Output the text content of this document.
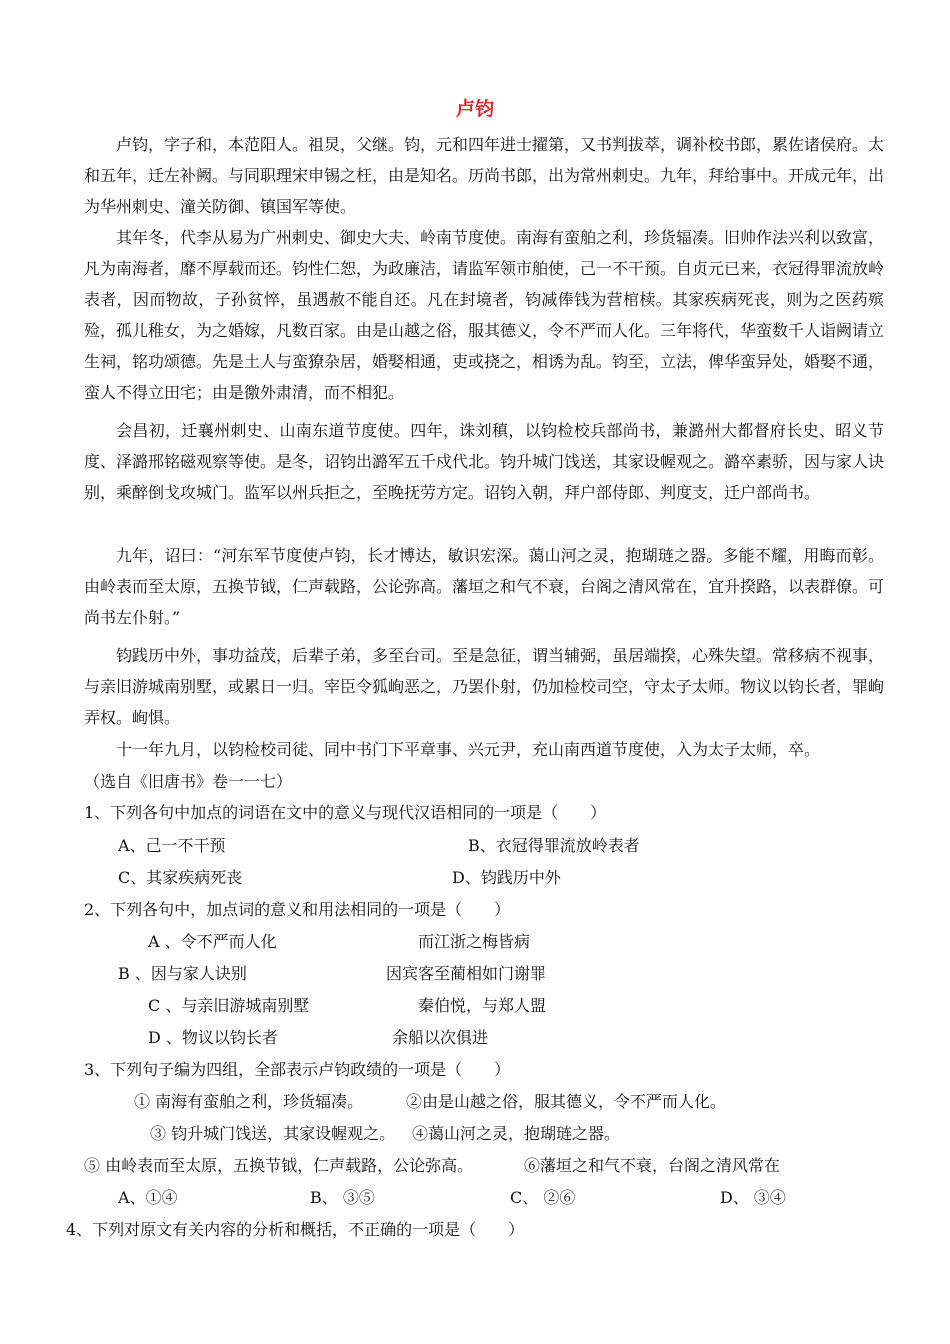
卢钧

卢钧，字子和，本范阳人。祖炅，父继。钧，元和四年进士擢第，又书判拔萃，调补校书郎，累佐诸侯府。太和五年，迁左补阙。与同职理宋申锡之枉，由是知名。历尚书郎，出为常州刺史。九年，拜给事中。开成元年，出为华州刺史、潼关防御、镇国军等使。

其年冬，代李从易为广州刺史、御史大夫、岭南节度使。南海有蛮舶之利，珍货辐凑。旧帅作法兴利以致富，凡为南海者，靡不厚载而还。钧性仁恕，为政廉洁，请监军领市舶使，己一不干预。自贞元已来，衣冠得罪流放岭表者，因而物故，子孙贫悴，虽遇赦不能自还。凡在封境者，钧减俸钱为营棺椟。其家疾病死丧，则为之医药殡殓，孤儿稚女，为之婚嫁，凡数百家。由是山越之俗，服其德义，令不严而人化。三年将代，华蛮数千人诣阙请立生祠，铭功颂德。先是土人与蛮獠杂居，婚娶相通，吏或挠之，相诱为乱。钧至，立法，俾华蛮异处，婚娶不通，蛮人不得立田宅；由是徼外肃清，而不相犯。

会昌初，迁襄州刺史、山南东道节度使。四年，诛刘稹，以钧检校兵部尚书，兼潞州大都督府长史、昭义节度、泽潞邢铭磁观察等使。是冬，诏钧出潞军五千戍代北。钧升城门饯送，其家设幄观之。潞卒素骄，因与家人诀别，乘醉倒戈攻城门。监军以州兵拒之，至晚抚劳方定。诏钧入朝，拜户部侍郎、判度支，迁户部尚书。

九年，诏曰：“河东军节度使卢钧，长才博达，敏识宏深。蔼山河之灵，抱瑚琏之器。多能不耀，用晦而彰。由岭表而至太原，五换节钺，仁声载路，公论弥高。藩垣之和气不衰，台阁之清风常在，宜升揆路，以表群僚。可尚书左仆射。”

钧践历中外，事功益茂，后辈子弟，多至台司。至是急征，谓当辅弼，虽居端揆，心殊失望。常移病不视事，与亲旧游城南别墅，或累日一归。宰臣令狐峋恶之，乃罢仆射，仍加检校司空，守太子太师。物议以钧长者，罪峋弄权。峋惧。

十一年九月，以钧检校司徒、同中书门下平章事、兴元尹，充山南西道节度使，入为太子太师，卒。

（选自《旧唐书》卷一一七）
1、下列各句中加点的词语在文中的意义与现代汉语相同的一项是（　　）
A、己一不干预	B、衣冠得罪流放岭表者
C、其家疾病死丧	D、钧践历中外
2、下列各句中，加点词的意义和用法相同的一项是（　　）
A 、令不严而人化	而江浙之梅皆病
B 、因与家人诀别	因宾客至蔺相如门谢罪
C 、与亲旧游城南别墅	秦伯悦，与郑人盟
D 、物议以钧长者	余船以次俱进
3、下列句子编为四组，全部表示卢钧政绩的一项是（　　）
① 南海有蛮舶之利，珍货辐凑。	②由是山越之俗，服其德义，令不严而人化。
③ 钧升城门饯送，其家设幄观之。 ④蔼山河之灵，抱瑚琏之器。
⑤ 由岭表而至太原，五换节钺，仁声载路，公论弥高。	⑥藩垣之和气不衰，台阁之清风常在
A、①④	B、 ③⑤	C、 ②⑥	D、 ③④
4、下列对原文有关内容的分析和概括，不正确的一项是（　　）
